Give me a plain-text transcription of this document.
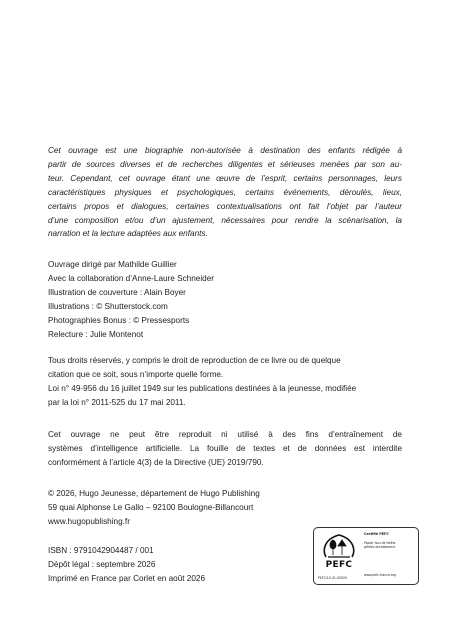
Cet ouvrage est une biographie non-autorisée à destination des enfants rédigée à
partir de sources diverses et de recherches diligentes et sérieuses menées par son au-
teur. Cependant, cet ouvrage étant une œuvre de l’esprit, certains personnages, leurs
caractéristiques physiques et psychologiques, certains événements, déroulés, lieux,
certains propos et dialogues, certaines contextualisations ont fait l’objet par l’auteur
d’une composition et/ou d’un ajustement, nécessaires pour rendre la scénarisation, la
narration et la lecture adaptées aux enfants.
Ouvrage dirigé par Mathilde Guillier
Avec la collaboration d’Anne-Laure Schneider
Illustration de couverture : Alain Boyer
Illustrations : © Shutterstock.com
Photographies Bonus : © Pressesports
Relecture : Julie Montenot
Tous droits réservés, y compris le droit de reproduction de ce livre ou de quelque
citation que ce soit, sous n’importe quelle forme.
Loi n° 49-956 du 16 juillet 1949 sur les publications destinées à la jeunesse, modifiée
par la loi n° 2011-525 du 17 mai 2011.
Cet ouvrage ne peut être reproduit ni utilisé à des fins d’entraînement de
systèmes d’intelligence artificielle. La fouille de textes et de données est interdite
conformément à l’article 4(3) de la Directive (UE) 2019/790.
© 2026, Hugo Jeunesse, département de Hugo Publishing
59 quai Alphonse Le Gallo – 92100 Boulogne-Billancourt
www.hugopublishing.fr
ISBN : 9791042904487 / 001
Dépôt légal : septembre 2026
Imprimé en France par Corlet en août 2026
PEFC
Certifié PEFC
Papier issu de forêts
gérées durablement
PEFC/10-31-00009
www.pefc-france.org
